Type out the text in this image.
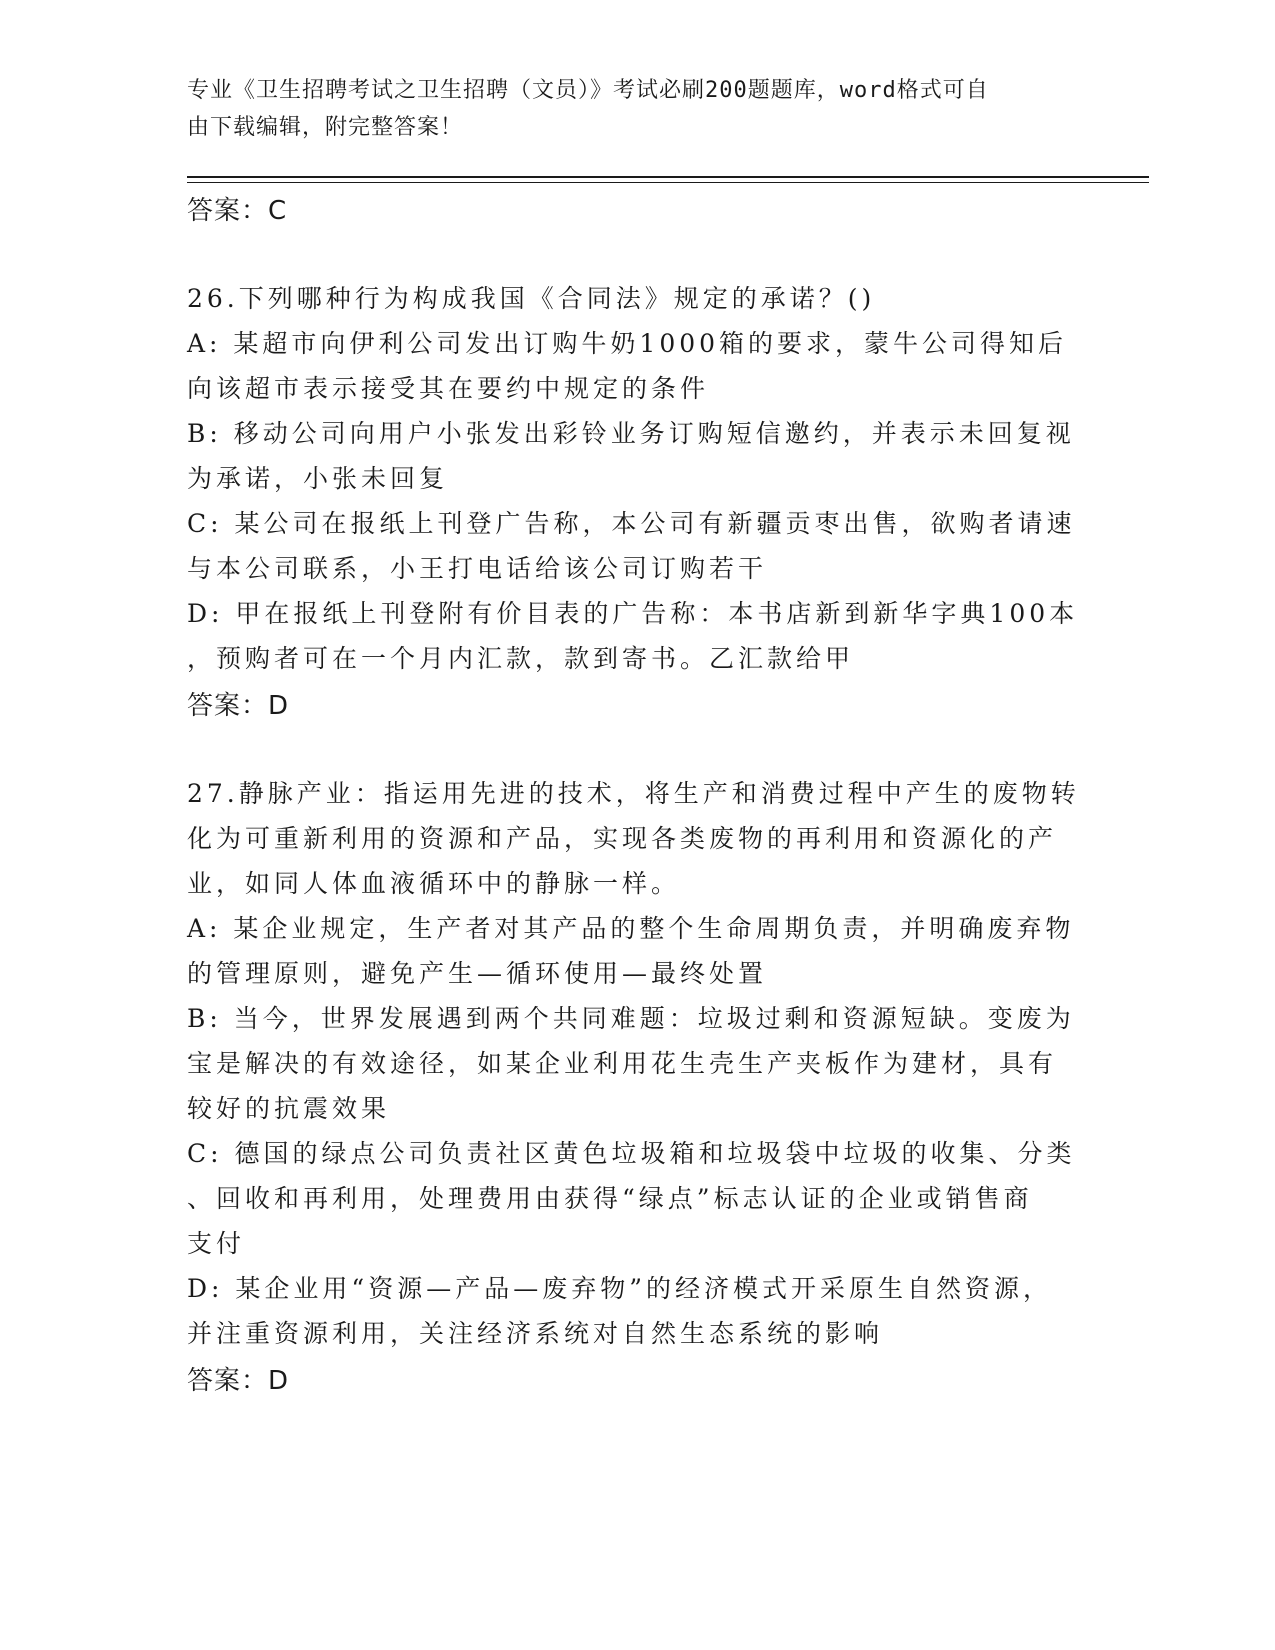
专业《卫生招聘考试之卫生招聘（文员）》考试必刷200题题库，word格式可自
由下载编辑，附完整答案！
答案：C
26.下列哪种行为构成我国《合同法》规定的承诺？()
A: 某超市向伊利公司发出订购牛奶1000箱的要求，蒙牛公司得知后
向该超市表示接受其在要约中规定的条件
B: 移动公司向用户小张发出彩铃业务订购短信邀约，并表示未回复视
为承诺，小张未回复
C: 某公司在报纸上刊登广告称，本公司有新疆贡枣出售，欲购者请速
与本公司联系，小王打电话给该公司订购若干
D: 甲在报纸上刊登附有价目表的广告称：本书店新到新华字典100本
，预购者可在一个月内汇款，款到寄书。乙汇款给甲
答案：D
27.静脉产业：指运用先进的技术，将生产和消费过程中产生的废物转
化为可重新利用的资源和产品，实现各类废物的再利用和资源化的产
业，如同人体血液循环中的静脉一样。
A: 某企业规定，生产者对其产品的整个生命周期负责，并明确废弃物
的管理原则，避免产生—循环使用—最终处置
B: 当今，世界发展遇到两个共同难题：垃圾过剩和资源短缺。变废为
宝是解决的有效途径，如某企业利用花生壳生产夹板作为建材，具有
较好的抗震效果
C: 德国的绿点公司负责社区黄色垃圾箱和垃圾袋中垃圾的收集、分类
、回收和再利用，处理费用由获得“绿点”标志认证的企业或销售商
支付
D: 某企业用“资源—产品—废弃物”的经济模式开采原生自然资源，
并注重资源利用，关注经济系统对自然生态系统的影响
答案：D
